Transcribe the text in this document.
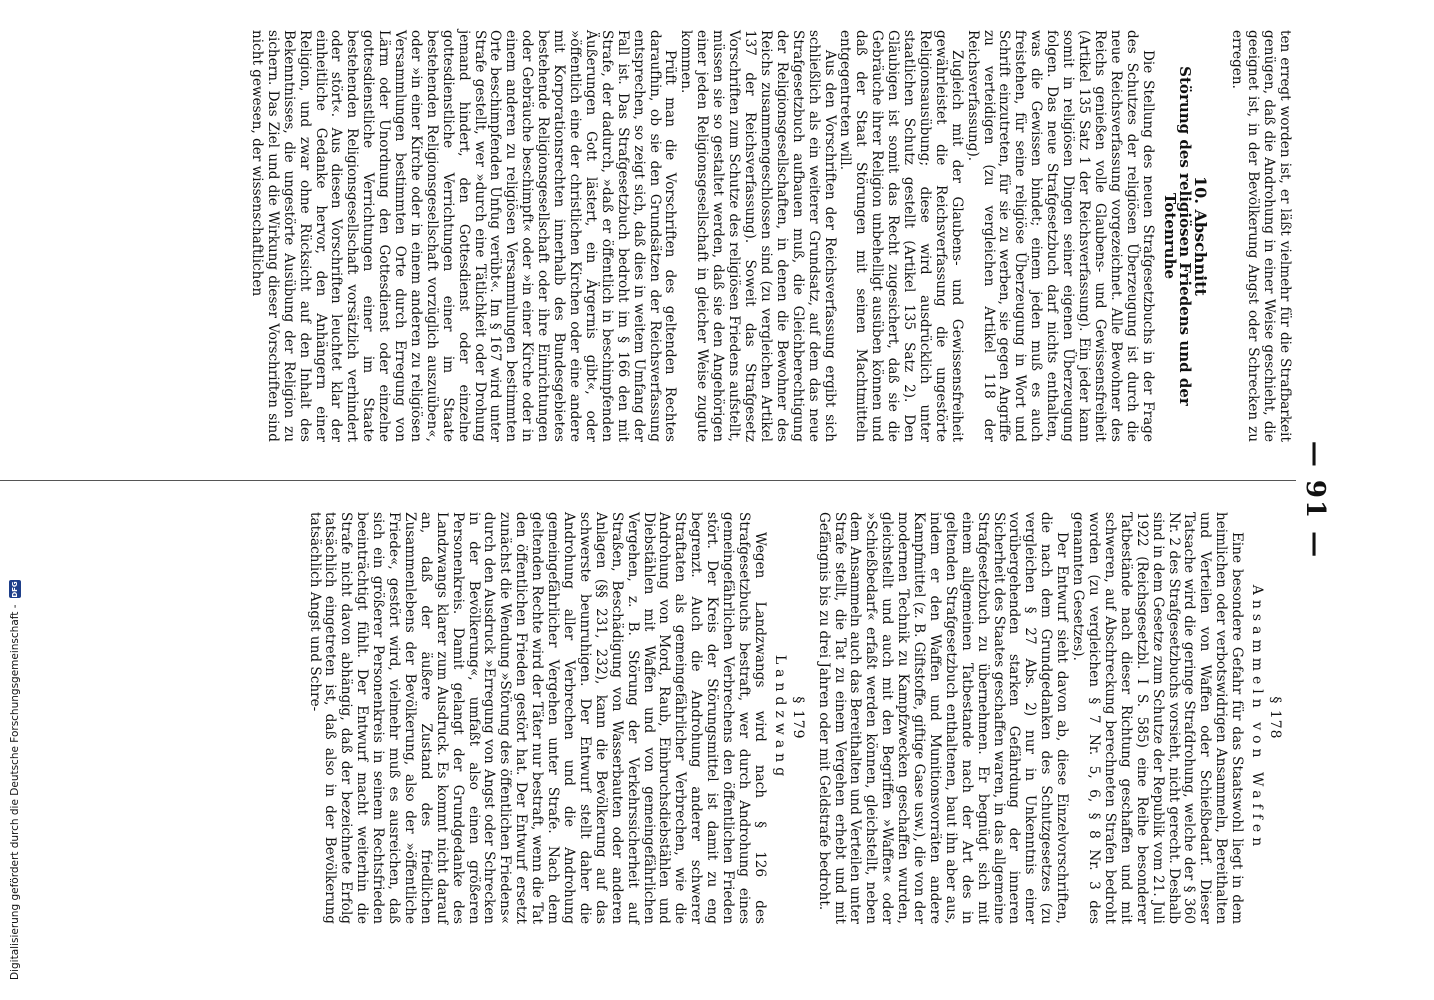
— 91 —

ten erregt worden ist, er läßt vielmehr für die Strafbarkeit genügen, daß die Androhung in einer Weise geschieht, die geeignet ist, in der Bevölkerung Angst oder Schrecken zu erregen.

10. Abschnitt
Störung des religiösen Friedens und der Totenruhe

Die Stellung des neuen Strafgesetzbuchs in der Frage des Schutzes der religiösen Überzeugung ist durch die neue Reichsverfassung vorgezeichnet. Alle Bewohner des Reichs genießen volle Glaubens- und Gewissensfreiheit (Artikel 135 Satz 1 der Reichsverfassung). Ein jeder kann somit in religiösen Dingen seiner eigenen Überzeugung folgen. Das neue Strafgesetzbuch darf nichts enthalten, was die Gewissen bindet; einem jeden muß es auch freistehen, für seine religiöse Überzeugung in Wort und Schrift einzutreten, für sie zu werben, sie gegen Angriffe zu verteidigen (zu vergleichen Artikel 118 der Reichsverfassung).

Zugleich mit der Glaubens- und Gewissensfreiheit gewährleistet die Reichsverfassung die ungestörte Religionsausübung; diese wird ausdrücklich unter staatlichen Schutz gestellt (Artikel 135 Satz 2). Den Gläubigen ist somit das Recht zugesichert, daß sie die Gebräuche ihrer Religion unbehelligt ausüben können und daß der Staat Störungen mit seinen Machtmitteln entgegentreten will.

Aus den Vorschriften der Reichsverfassung ergibt sich schließlich als ein weiterer Grundsatz, auf dem das neue Strafgesetzbuch aufbauen muß, die Gleichberechtigung der Religionsgesellschaften, in denen die Bewohner des Reichs zusammengeschlossen sind (zu vergleichen Artikel 137 der Reichsverfassung). Soweit das Strafgesetz Vorschriften zum Schutze des religiösen Friedens aufstellt, müssen sie so gestaltet werden, daß sie den Angehörigen einer jeden Religionsgesellschaft in gleicher Weise zugute kommen.

Prüft man die Vorschriften des geltenden Rechtes daraufhin, ob sie den Grundsätzen der Reichsverfassung entsprechen, so zeigt sich, daß dies in weitem Umfang der Fall ist. Das Strafgesetzbuch bedroht im § 166 den mit Strafe, der dadurch, »daß er öffentlich in beschimpfenden Äußerungen Gott lästert, ein Ärgernis gibt«, oder »öffentlich eine der christlichen Kirchen oder eine andere mit Korporationsrechten innerhalb des Bundesgebietes bestehende Religionsgesellschaft oder ihre Einrichtungen oder Gebräuche beschimpft« oder »in einer Kirche oder in einem anderen zu religiösen Versammlungen bestimmten Orte beschimpfenden Unfug verübt«. Im § 167 wird unter Strafe gestellt, wer »durch eine Tätlichkeit oder Drohung jemand hindert, den Gottesdienst oder einzelne gottesdienstliche Verrichtungen einer im Staate bestehenden Religionsgesellschaft vorzüglich auszuüben«, oder »in einer Kirche oder in einem anderen zu religiösen Versammlungen bestimmten Orte durch Erregung von Lärm oder Unordnung den Gottesdienst oder einzelne gottesdienstliche Verrichtungen einer im Staate bestehenden Religionsgesellschaft vorsätzlich verhindert oder stört«. Aus diesen Vorschriften leuchtet klar der einheitliche Gedanke hervor, den Anhängern einer Religion, und zwar ohne Rücksicht auf den Inhalt des Bekenntnisses, die ungestörte Ausübung der Religion zu sichern. Das Ziel und die Wirkung dieser Vorschriften sind nicht gewesen, der wissenschaftlichen

§ 178
Ansammeln von Waffen

Eine besondere Gefahr für das Staatswohl liegt in dem heimlichen oder verbotswidrigen Ansammeln, Bereithalten und Verteilen von Waffen oder Schießbedarf. Dieser Tatsache wird die geringe Strafdrohung, welche der § 360 Nr. 2 des Strafgesetzbuchs vorsieht, nicht gerecht. Deshalb sind in dem Gesetze zum Schutze der Republik vom 21. Juli 1922 (Reichsgesetzbl. I S. 585) eine Reihe besonderer Tatbestände nach dieser Richtung geschaffen und mit schweren, auf Abschreckung berechneten Strafen bedroht worden (zu vergleichen § 7 Nr. 5, 6, § 8 Nr. 3 des genannten Gesetzes).

Der Entwurf sieht davon ab, diese Einzelvorschriften, die nach dem Grundgedanken des Schutzgesetzes (zu vergleichen § 27 Abs. 2) nur in Unkenntnis einer vorübergehenden starken Gefährdung der inneren Sicherheit des Staates geschaffen waren, in das allgemeine Strafgesetzbuch zu übernehmen. Er begnügt sich mit einem allgemeinen Tatbestande nach der Art des in geltenden Strafgesetzbuch enthaltenen, baut ihn aber aus, indem er den Waffen und Munitionsvorräten andere Kampfmittel (z. B. Giftstoffe, giftige Gase usw.), die von der modernen Technik zu Kampfzwecken geschaffen wurden, gleichstellt und auch mit den Begriffen »Waffen« oder »Schießbedarf« erfaßt werden können, gleichstellt, neben dem Ansammeln auch das Bereithalten und Verteilen unter Strafe stellt, die Tat zu einem Vergehen erhebt und mit Gefängnis bis zu drei Jahren oder mit Geldstrafe bedroht.

§ 179
Landzwang

Wegen Landzwangs wird nach § 126 des Strafgesetzbuchs bestraft, wer durch Androhung eines gemeingefährlichen Verbrechens den öffentlichen Frieden stört. Der Kreis der Störungsmittel ist damit zu eng begrenzt. Auch die Androhung anderer schwerer Straftaten als gemeingefährlicher Verbrechen, wie die Androhung von Mord, Raub, Einbruchsdiebstählen und Diebstählen mit Waffen und von gemeingefährlichen Vergehen, z. B. Störung der Verkehrssicherheit auf Straßen, Beschädigung von Wasserbauten oder anderen Anlagen (§§ 231, 232), kann die Bevölkerung auf das schwerste beunruhigen. Der Entwurf stellt daher die Androhung aller Verbrechen und die Androhung gemeingefährlicher Vergehen unter Strafe. Nach dem geltenden Rechte wird der Täter nur bestraft, wenn die Tat den öffentlichen Frieden gestört hat. Der Entwurf ersetzt zunächst die Wendung »Störung des öffentlichen Friedens« durch den Ausdruck »Erregung von Angst oder Schrecken in der Bevölkerung«, umfaßt also einen größeren Personenkreis. Damit gelangt der Grundgedanke des Landzwangs klarer zum Ausdruck. Es kommt nicht darauf an, daß der äußere Zustand des friedlichen Zusammenlebens der Bevölkerung, also der »öffentliche Friede«, gestört wird, vielmehr muß es ausreichen, daß sich ein größerer Personenkreis in seinem Rechtsfrieden beeinträchtigt fühlt. Der Entwurf macht weiterhin die Strafe nicht davon abhängig, daß der bezeichnete Erfolg tatsächlich eingetreten ist, daß also in der Bevölkerung tatsächlich Angst und Schre-

Digitalisierung gefördert durch die Deutsche Forschungsgemeinschaft -
DFG
